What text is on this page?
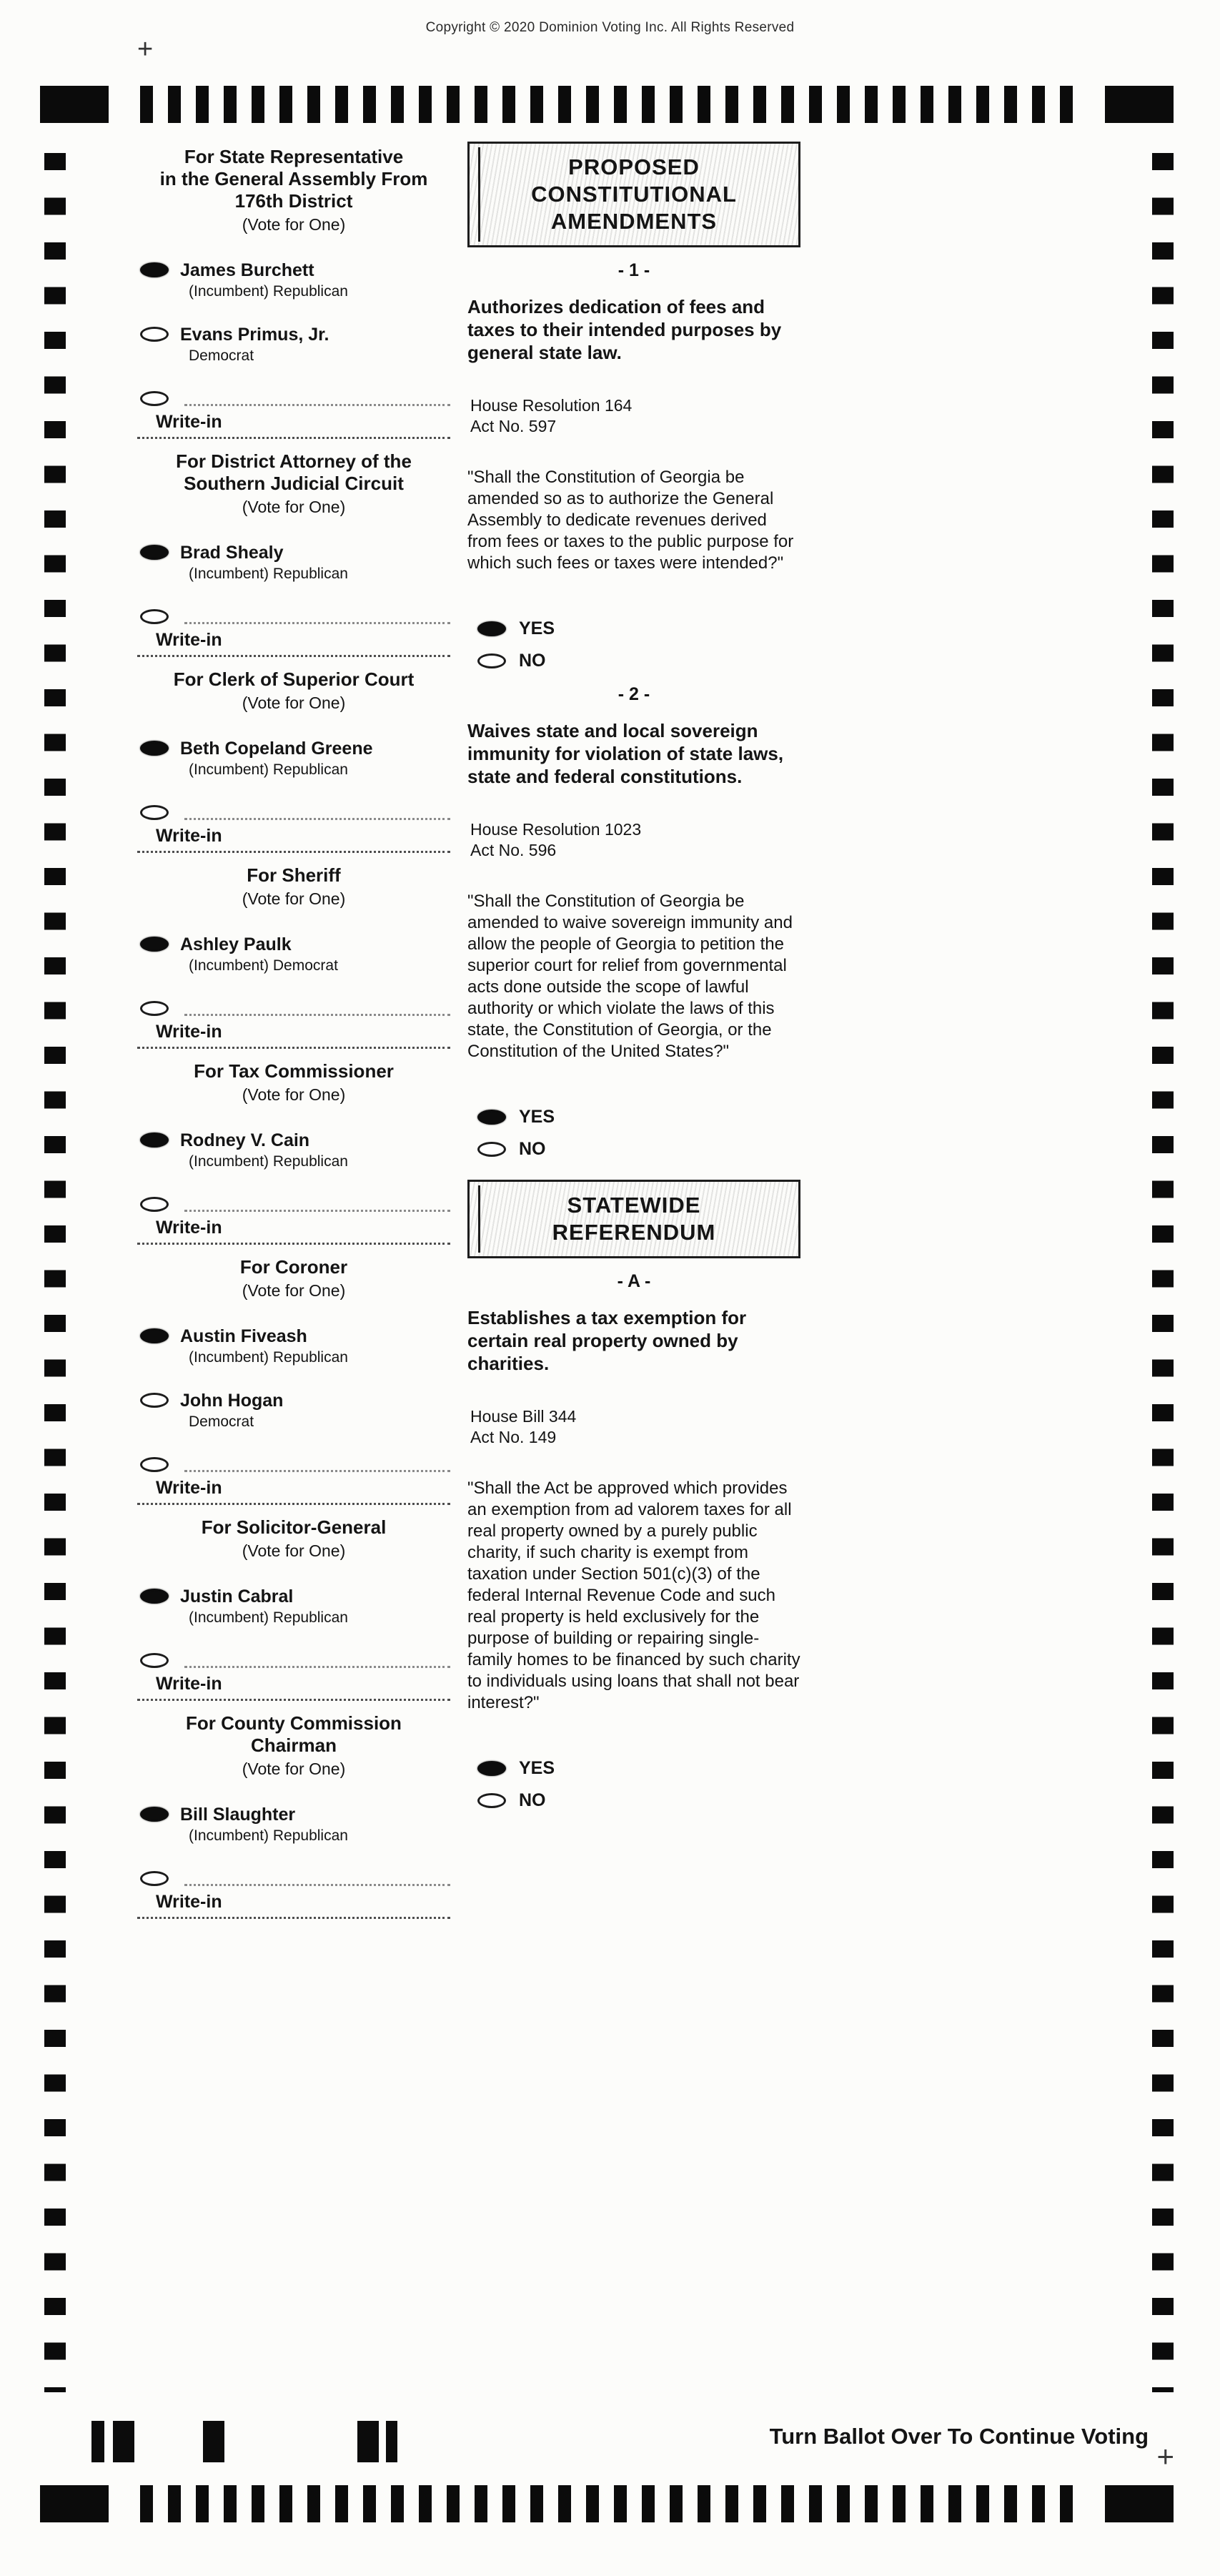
Copyright © 2020 Dominion Voting Inc. All Rights Reserved
+
For State Representative
in the General Assembly From
176th District
(Vote for One)
James Burchett
(Incumbent) Republican
Evans Primus, Jr.
Democrat
Write-in
For District Attorney of the
Southern Judicial Circuit
(Vote for One)
Brad Shealy
(Incumbent) Republican
Write-in
For Clerk of Superior Court
(Vote for One)
Beth Copeland Greene
(Incumbent) Republican
Write-in
For Sheriff
(Vote for One)
Ashley Paulk
(Incumbent) Democrat
Write-in
For Tax Commissioner
(Vote for One)
Rodney V. Cain
(Incumbent) Republican
Write-in
For Coroner
(Vote for One)
Austin Fiveash
(Incumbent) Republican
John Hogan
Democrat
Write-in
For Solicitor-General
(Vote for One)
Justin Cabral
(Incumbent) Republican
Write-in
For County Commission
Chairman
(Vote for One)
Bill Slaughter
(Incumbent) Republican
Write-in
PROPOSED
CONSTITUTIONAL
AMENDMENTS
- 1 -
Authorizes dedication of fees and taxes to their intended purposes by general state law.
House Resolution 164
Act No. 597
"Shall the Constitution of Georgia be amended so as to authorize the General Assembly to dedicate revenues derived from fees or taxes to the public purpose for which such fees or taxes were intended?"
YES
NO
- 2 -
Waives state and local sovereign immunity for violation of state laws, state and federal constitutions.
House Resolution 1023
Act No. 596
"Shall the Constitution of Georgia be amended to waive sovereign immunity and allow the people of Georgia to petition the superior court for relief from governmental acts done outside the scope of lawful authority or which violate the laws of this state, the Constitution of Georgia, or the Constitution of the United States?"
YES
NO
STATEWIDE
REFERENDUM
- A -
Establishes a tax exemption for certain real property owned by charities.
House Bill 344
Act No. 149
"Shall the Act be approved which provides an exemption from ad valorem taxes for all real property owned by a purely public charity, if such charity is exempt from taxation under Section 501(c)(3) of the federal Internal Revenue Code and such real property is held exclusively for the purpose of building or repairing single-family homes to be financed by such charity to individuals using loans that shall not bear interest?"
YES
NO
Turn Ballot Over To Continue Voting
+
